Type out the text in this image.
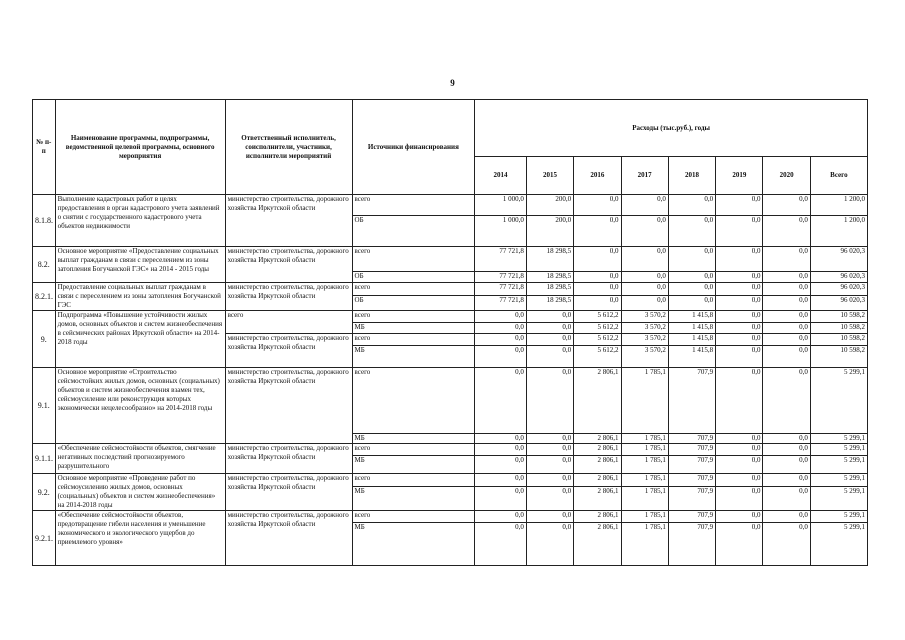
9
№ п-п	Наименование программы, подпрограммы, ведомственной целевой программы, основного мероприятия	Ответственный исполнитель, соисполнители, участники, исполнители мероприятий	Источники финансирования	Расходы (тыс.руб.), годы							
				2014	2015	2016	2017	2018	2019	2020	Всего
8.1.8.	Выполнение кадастровых работ в целях предоставления в орган кадастрового учета заявлений о снятии с государственного кадастрового учета объектов недвижимости	министерство строительства, дорожного хозяйства Иркутской области	всего	1 000,0	200,0	0,0	0,0	0,0	0,0	0,0	1 200,0
			ОБ	1 000,0	200,0	0,0	0,0	0,0	0,0	0,0	1 200,0
8.2.	Основное мероприятие «Предоставление социальных выплат гражданам в связи с переселением из зоны затопления Богучанской ГЭС» на 2014 - 2015 годы	министерство строительства, дорожного хозяйства Иркутской области	всего	77 721,8	18 298,5	0,0	0,0	0,0	0,0	0,0	96 020,3
			ОБ	77 721,8	18 298,5	0,0	0,0	0,0	0,0	0,0	96 020,3
8.2.1.	Предоставление социальных выплат гражданам в связи с переселением из зоны затопления Богучанской ГЭС	министерство строительства, дорожного хозяйства Иркутской области	всего	77 721,8	18 298,5	0,0	0,0	0,0	0,0	0,0	96 020,3
			ОБ	77 721,8	18 298,5	0,0	0,0	0,0	0,0	0,0	96 020,3
9.	Подпрограмма «Повышение устойчивости жилых домов, основных объектов и систем жизнеобеспечения в сейсмических районах Иркутской области» на 2014-2018 годы	всего	всего	0,0	0,0	5 612,2	3 570,2	1 415,8	0,0	0,0	10 598,2
			МБ	0,0	0,0	5 612,2	3 570,2	1 415,8	0,0	0,0	10 598,2
		министерство строительства, дорожного хозяйства Иркутской области	всего	0,0	0,0	5 612,2	3 570,2	1 415,8	0,0	0,0	10 598,2
			МБ	0,0	0,0	5 612,2	3 570,2	1 415,8	0,0	0,0	10 598,2
9.1.	Основное мероприятие «Строительство сейсмостойких жилых домов, основных (социальных) объектов и систем жизнеобеспечения взамен тех, сейсмоусиление или реконструкция которых экономически нецелесообразно» на 2014-2018 годы	министерство строительства, дорожного хозяйства Иркутской области	всего	0,0	0,0	2 806,1	1 785,1	707,9	0,0	0,0	5 299,1
			МБ	0,0	0,0	2 806,1	1 785,1	707,9	0,0	0,0	5 299,1
9.1.1.	«Обеспечение сейсмостойкости объектов, смягчение негативных последствий прогнозируемого разрушительного	министерство строительства, дорожного хозяйства Иркутской области	всего	0,0	0,0	2 806,1	1 785,1	707,9	0,0	0,0	5 299,1
			МБ	0,0	0,0	2 806,1	1 785,1	707,9	0,0	0,0	5 299,1
9.2.	Основное мероприятие «Проведение работ по сейсмоусилению жилых домов, основных (социальных) объектов и систем жизнеобеспечения» на 2014-2018 годы	министерство строительства, дорожного хозяйства Иркутской области	всего	0,0	0,0	2 806,1	1 785,1	707,9	0,0	0,0	5 299,1
			МБ	0,0	0,0	2 806,1	1 785,1	707,9	0,0	0,0	5 299,1
9.2.1.	«Обеспечение сейсмостойкости объектов, предотвращение гибели населения и уменьшение экономического и экологического ущербов до приемлемого уровня»	министерство строительства, дорожного хозяйства Иркутской области	всего	0,0	0,0	2 806,1	1 785,1	707,9	0,0	0,0	5 299,1
			МБ	0,0	0,0	2 806,1	1 785,1	707,9	0,0	0,0	5 299,1
